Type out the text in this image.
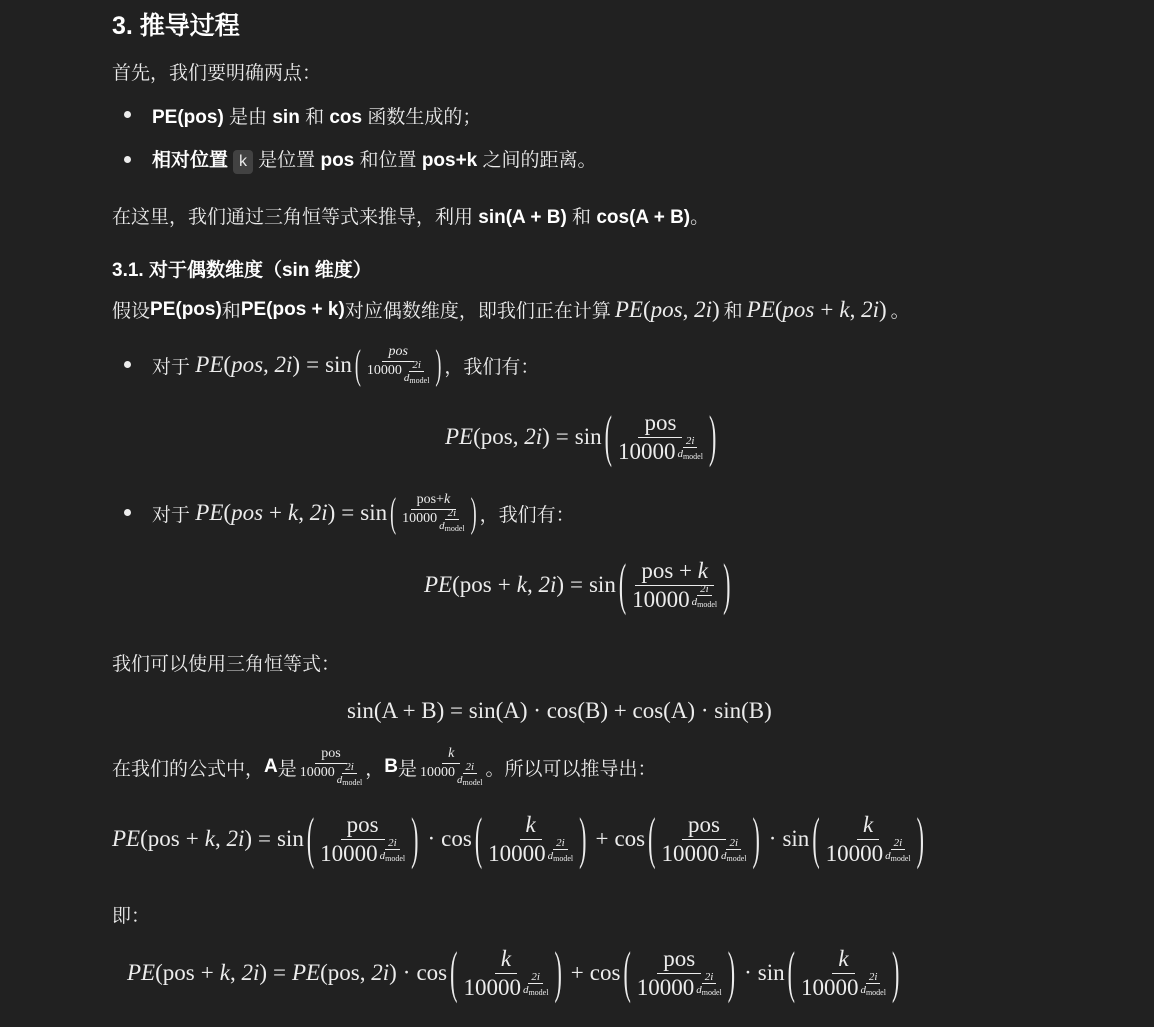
3. 推导过程
首先，我们要明确两点：
PE(pos) 是由 sin 和 cos 函数生成的；
相对位置 k 是位置 pos 和位置 pos+k 之间的距离。
在这里，我们通过三角恒等式来推导，利用 sin(A + B) 和 cos(A + B)。
3.1. 对于偶数维度（sin 维度）
假设 PE(pos) 和 PE(pos + k) 对应偶数维度，即我们正在计算 PE ( pos , 2i ) 和 PE ( pos + k , 2i ) 。
对于
PE ( pos , 2i ) = sin ( pos
10000 2i
$d_{model}$ ) ，我们有：
PE ( pos , 2i ) = sin ( pos
10000 2i
$d_{model}$ )
对于
PE ( pos + k , 2i ) = sin ( pos+k
10000 2i
$d_{model}$ ) ，我们有：
PE ( pos + k , 2i ) = sin ( pos + k
10000 2i
$d_{model}$ )
我们可以使用三角恒等式：
sin(A + B) = sin(A) · cos(B) + cos(A) · sin(B)
在我们的公式中， A 是 pos
10000 2i
$d_{model}$ ， B 是 k
10000 2i
$d_{model}$ 。所以可以推导出：
PE ( pos + k , 2i ) = sin ( pos
10000 2i
$d_{model}$ ) · cos ( k
10000 2i
$d_{model}$ ) + cos ( pos
10000 2i
$d_{model}$ ) · sin ( k
10000 2i
$d_{model}$ )
即：
PE ( pos + k , 2i ) = PE ( pos , 2i ) · cos ( k
10000 2i
$d_{model}$ ) + cos ( pos
10000 2i
$d_{model}$ ) · sin ( k
10000 2i
$d_{model}$ )
